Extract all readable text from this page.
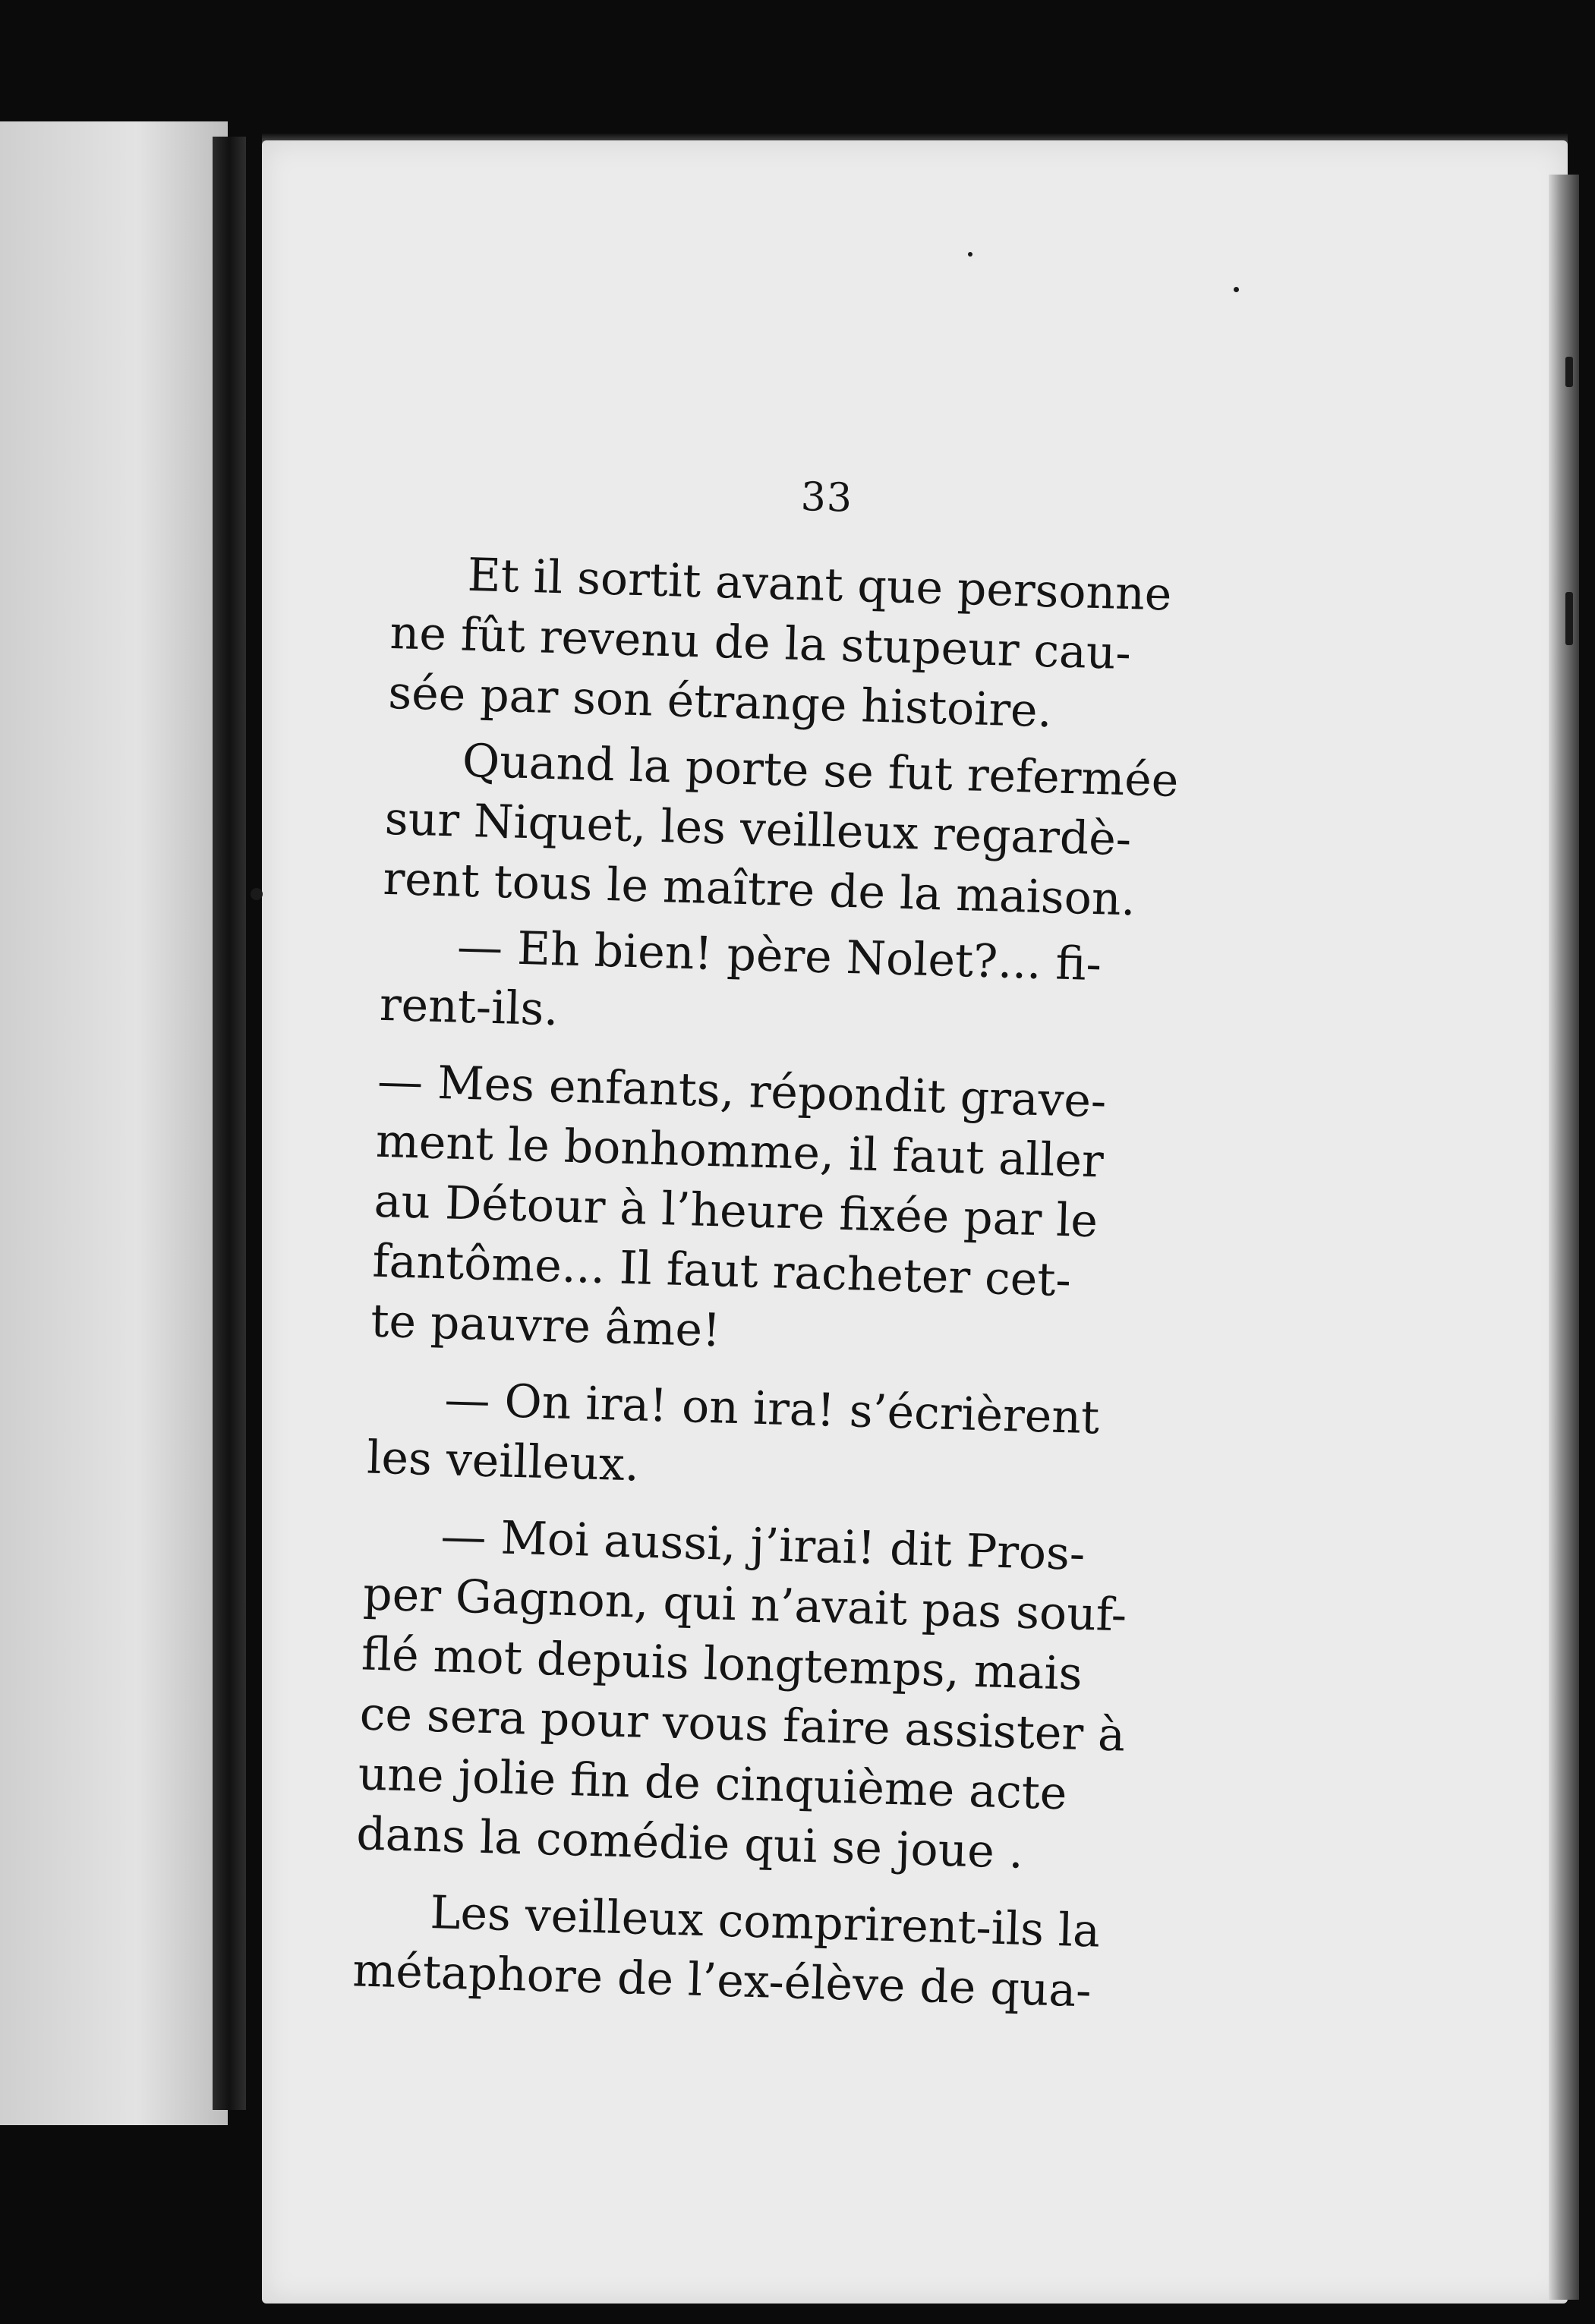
33

Et il sortit avant que personne
ne fût revenu de la stupeur cau-
sée par son étrange histoire.

Quand la porte se fut refermée
sur Niquet, les veilleux regardè-
rent tous le maître de la maison.

— Eh bien! père Nolet?... fi-
rent-ils.

— Mes enfants, répondit grave-
ment le bonhomme, il faut aller
au Détour à l’heure fixée par le
fantôme... Il faut racheter cet-
te pauvre âme!

— On ira! on ira! s’écrièrent
les veilleux.

— Moi aussi, j’irai! dit Pros-
per Gagnon, qui n’avait pas souf-
flé mot depuis longtemps, mais
ce sera pour vous faire assister à
une jolie fin de cinquième acte
dans la comédie qui se joue .

Les veilleux comprirent-ils la
métaphore de l’ex-élève de qua-
